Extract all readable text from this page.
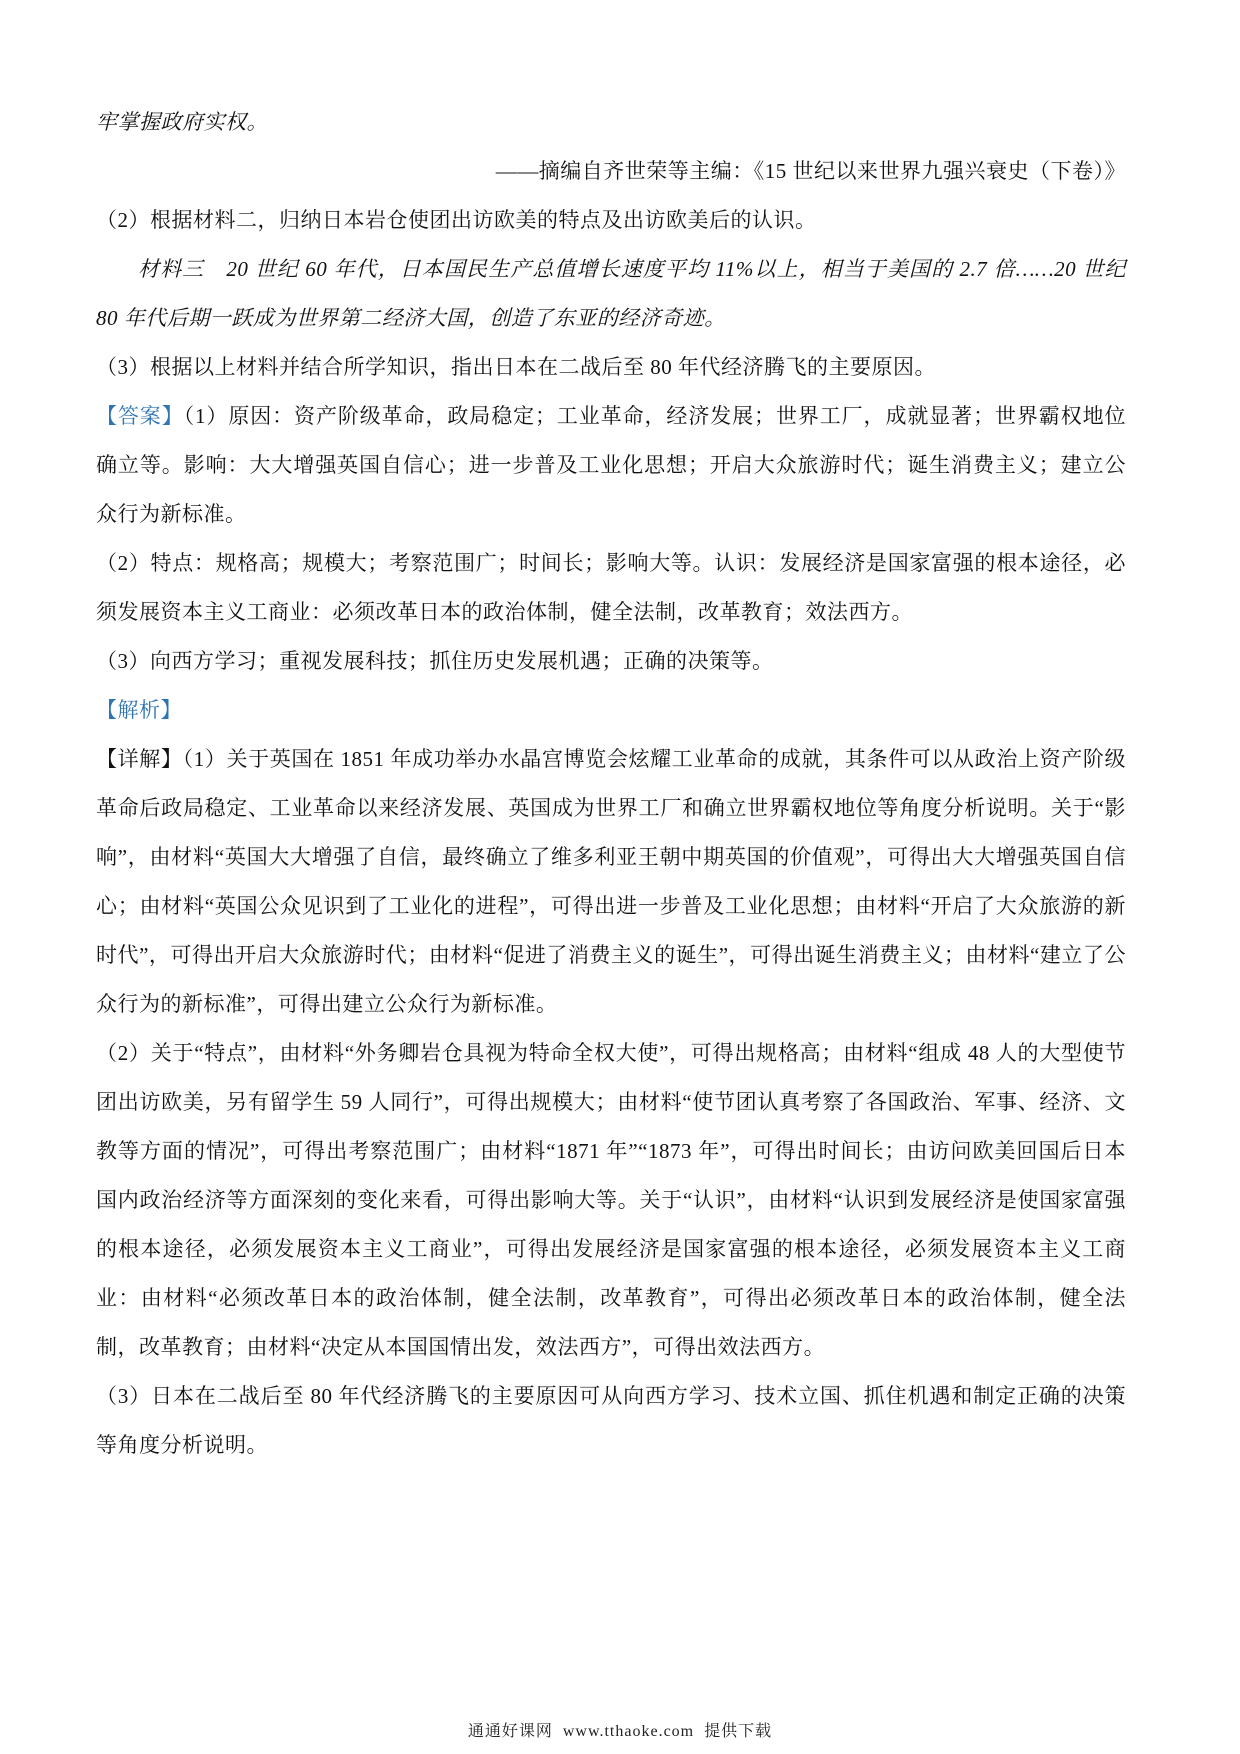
牢掌握政府实权。

——摘编自齐世荣等主编：《15 世纪以来世界九强兴衰史（下卷）》

（2）根据材料二，归纳日本岩仓使团出访欧美的特点及出访欧美后的认识。

材料三　20 世纪 60 年代，日本国民生产总值增长速度平均 11%以上，相当于美国的 2.7 倍……20 世纪 80 年代后期一跃成为世界第二经济大国，创造了东亚的经济奇迹。

（3）根据以上材料并结合所学知识，指出日本在二战后至 80 年代经济腾飞的主要原因。

【答案】（1）原因：资产阶级革命，政局稳定；工业革命，经济发展；世界工厂，成就显著；世界霸权地位确立等。影响：大大增强英国自信心；进一步普及工业化思想；开启大众旅游时代；诞生消费主义；建立公众行为新标准。

（2）特点：规格高；规模大；考察范围广；时间长；影响大等。认识：发展经济是国家富强的根本途径，必须发展资本主义工商业：必须改革日本的政治体制，健全法制，改革教育；效法西方。

（3）向西方学习；重视发展科技；抓住历史发展机遇；正确的决策等。

【解析】

【详解】（1）关于英国在 1851 年成功举办水晶宫博览会炫耀工业革命的成就，其条件可以从政治上资产阶级革命后政局稳定、工业革命以来经济发展、英国成为世界工厂和确立世界霸权地位等角度分析说明。关于“影响”，由材料“英国大大增强了自信，最终确立了维多利亚王朝中期英国的价值观”，可得出大大增强英国自信心；由材料“英国公众见识到了工业化的进程”，可得出进一步普及工业化思想；由材料“开启了大众旅游的新时代”，可得出开启大众旅游时代；由材料“促进了消费主义的诞生”，可得出诞生消费主义；由材料“建立了公众行为的新标准”，可得出建立公众行为新标准。

（2）关于“特点”，由材料“外务卿岩仓具视为特命全权大使”，可得出规格高；由材料“组成 48 人的大型使节团出访欧美，另有留学生 59 人同行”，可得出规模大；由材料“使节团认真考察了各国政治、军事、经济、文教等方面的情况”，可得出考察范围广；由材料“1871 年”“1873 年”，可得出时间长；由访问欧美回国后日本国内政治经济等方面深刻的变化来看，可得出影响大等。关于“认识”，由材料“认识到发展经济是使国家富强的根本途径，必须发展资本主义工商业”，可得出发展经济是国家富强的根本途径，必须发展资本主义工商业：由材料“必须改革日本的政治体制，健全法制，改革教育”，可得出必须改革日本的政治体制，健全法制，改革教育；由材料“决定从本国国情出发，效法西方”，可得出效法西方。

（3）日本在二战后至 80 年代经济腾飞的主要原因可从向西方学习、技术立国、抓住机遇和制定正确的决策等角度分析说明。

通通好课网 www.tthaoke.com 提供下载
